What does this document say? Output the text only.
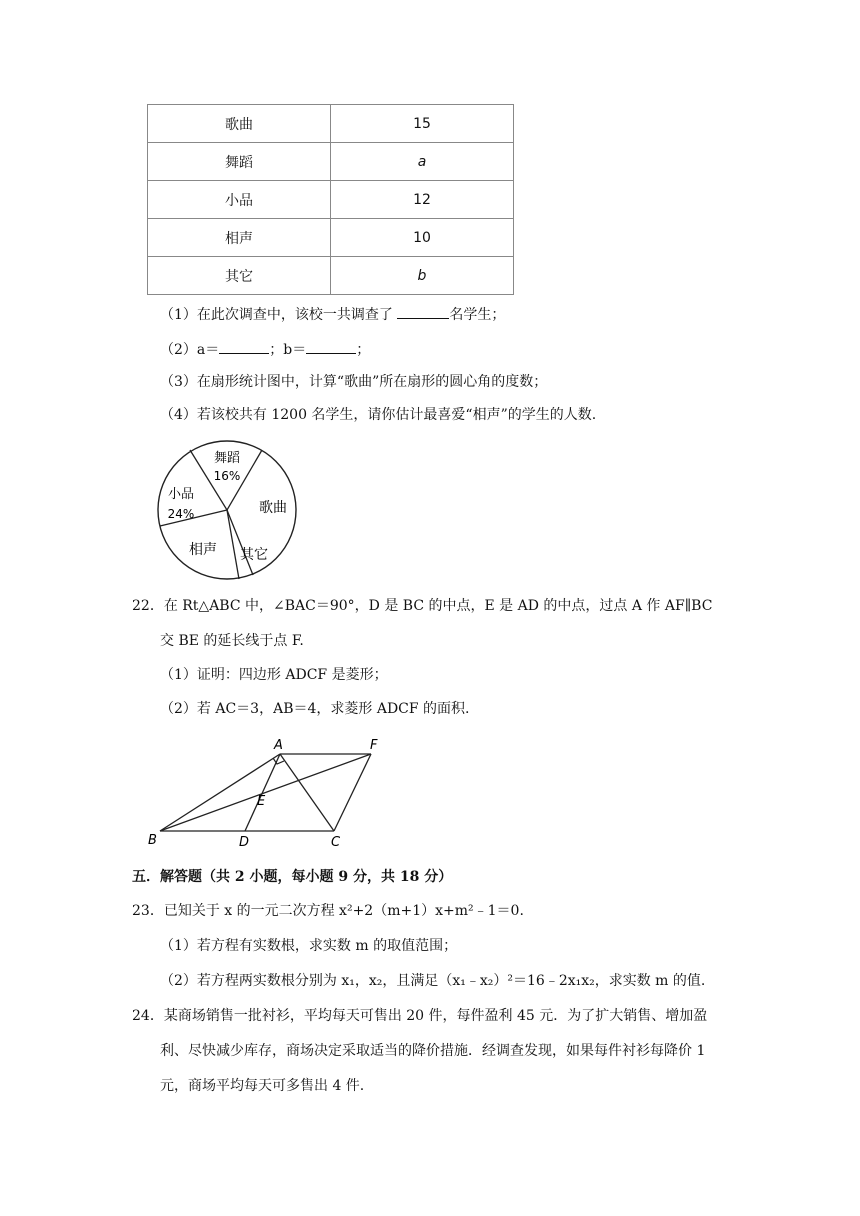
歌曲	15
舞蹈	a
小品	12
相声	10
其它	b
（1）在此次调查中，该校一共调查了	名学生；
（2）a＝	；b＝	；
（3）在扇形统计图中，计算“歌曲”所在扇形的圆心角的度数；
（4）若该校共有 1200 名学生，请你估计最喜爱“相声”的学生的人数.
舞蹈
16%
歌曲
其它
相声
小品
24%
22．在 Rt△ABC 中，∠BAC＝90°，D 是 BC 的中点，E 是 AD 的中点，过点 A 作 AF∥BC
交 BE 的延长线于点 F.
（1）证明：四边形 ADCF 是菱形；
（2）若 AC＝3，AB＝4，求菱形 ADCF 的面积.
A	F
B	D	C
E
五．解答题（共 2 小题，每小题 9 分，共 18 分）
23．已知关于 x 的一元二次方程 x²+2（m+1）x+m²﹣1＝0.
（1）若方程有实数根，求实数 m 的取值范围；
（2）若方程两实数根分别为 x₁，x₂，且满足（x₁﹣x₂）²＝16﹣2x₁x₂，求实数 m 的值.
24．某商场销售一批衬衫，平均每天可售出 20 件，每件盈利 45 元．为了扩大销售、增加盈
利、尽快减少库存，商场决定采取适当的降价措施．经调查发现，如果每件衬衫每降价 1
元，商场平均每天可多售出 4 件.
